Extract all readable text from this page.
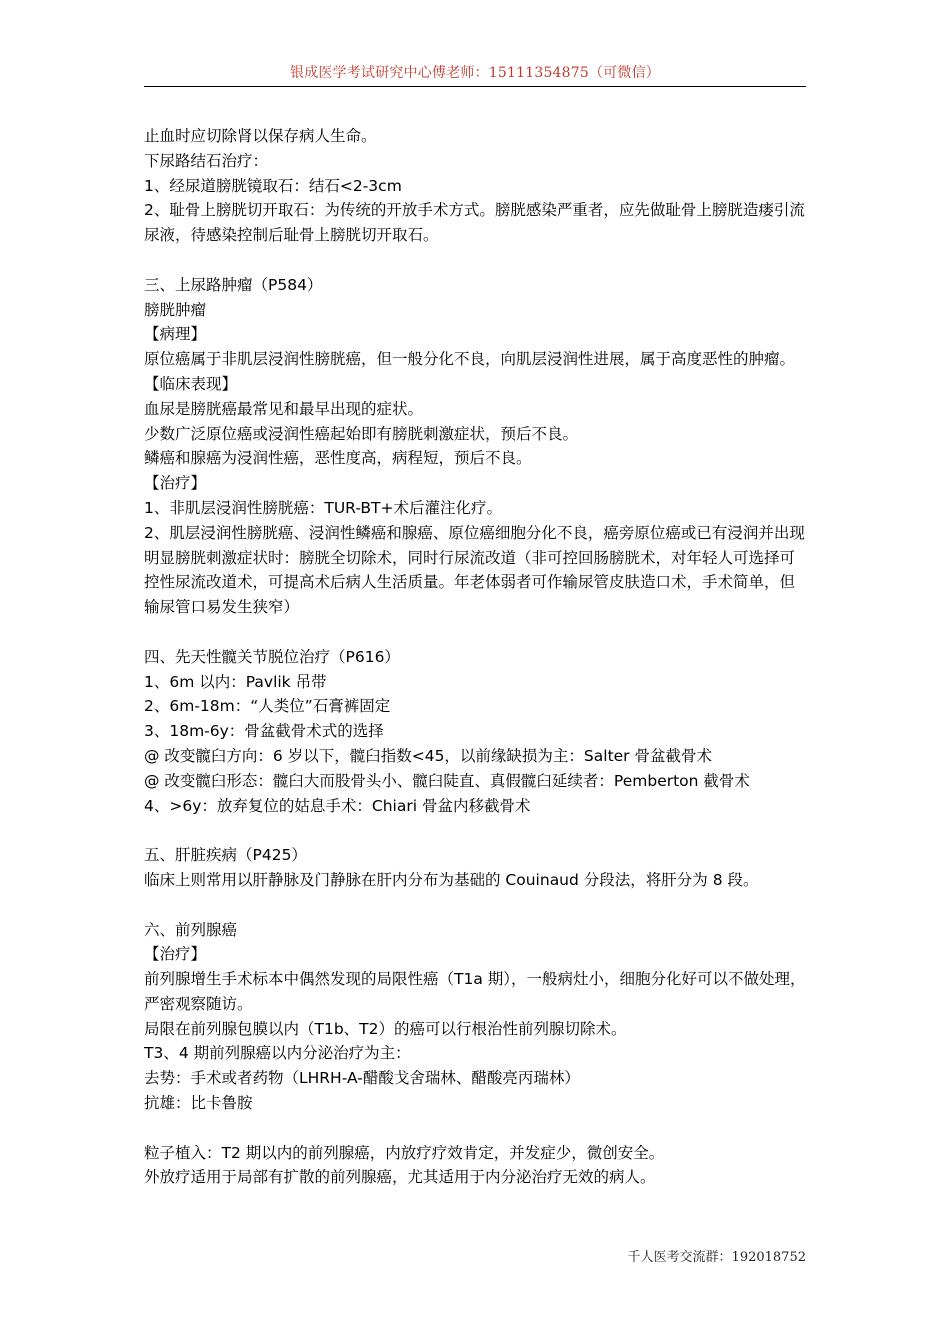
银成医学考试研究中心傅老师：15111354875（可微信）
止血时应切除肾以保存病人生命。
下尿路结石治疗：
1、经尿道膀胱镜取石：结石<2-3cm
2、耻骨上膀胱切开取石：为传统的开放手术方式。膀胱感染严重者，应先做耻骨上膀胱造瘘引流尿液，待感染控制后耻骨上膀胱切开取石。
三、上尿路肿瘤（P584）
膀胱肿瘤
【病理】
原位癌属于非肌层浸润性膀胱癌，但一般分化不良，向肌层浸润性进展，属于高度恶性的肿瘤。
【临床表现】
血尿是膀胱癌最常见和最早出现的症状。
少数广泛原位癌或浸润性癌起始即有膀胱刺激症状，预后不良。
鳞癌和腺癌为浸润性癌，恶性度高，病程短，预后不良。
【治疗】
1、非肌层浸润性膀胱癌：TUR-BT+术后灌注化疗。
2、肌层浸润性膀胱癌、浸润性鳞癌和腺癌、原位癌细胞分化不良，癌旁原位癌或已有浸润并出现明显膀胱刺激症状时：膀胱全切除术，同时行尿流改道（非可控回肠膀胱术，对年轻人可选择可控性尿流改道术，可提高术后病人生活质量。年老体弱者可作输尿管皮肤造口术，手术简单，但输尿管口易发生狭窄）
四、先天性髋关节脱位治疗（P616）
1、6m 以内：Pavlik 吊带
2、6m-18m：“人类位”石膏裤固定
3、18m-6y：骨盆截骨术式的选择
@ 改变髋臼方向：6 岁以下，髋臼指数<45，以前缘缺损为主：Salter 骨盆截骨术
@ 改变髋臼形态：髋臼大而股骨头小、髋臼陡直、真假髋臼延续者：Pemberton 截骨术
4、>6y：放弃复位的姑息手术：Chiari 骨盆内移截骨术
五、肝脏疾病（P425）
临床上则常用以肝静脉及门静脉在肝内分布为基础的 Couinaud 分段法，将肝分为 8 段。
六、前列腺癌
【治疗】
前列腺增生手术标本中偶然发现的局限性癌（T1a 期），一般病灶小，细胞分化好可以不做处理，严密观察随访。
局限在前列腺包膜以内（T1b、T2）的癌可以行根治性前列腺切除术。
T3、4 期前列腺癌以内分泌治疗为主：
去势：手术或者药物（LHRH-A-醋酸戈舍瑞林、醋酸亮丙瑞林）
抗雄：比卡鲁胺
粒子植入：T2 期以内的前列腺癌，内放疗疗效肯定，并发症少，微创安全。
外放疗适用于局部有扩散的前列腺癌，尤其适用于内分泌治疗无效的病人。
千人医考交流群：192018752
